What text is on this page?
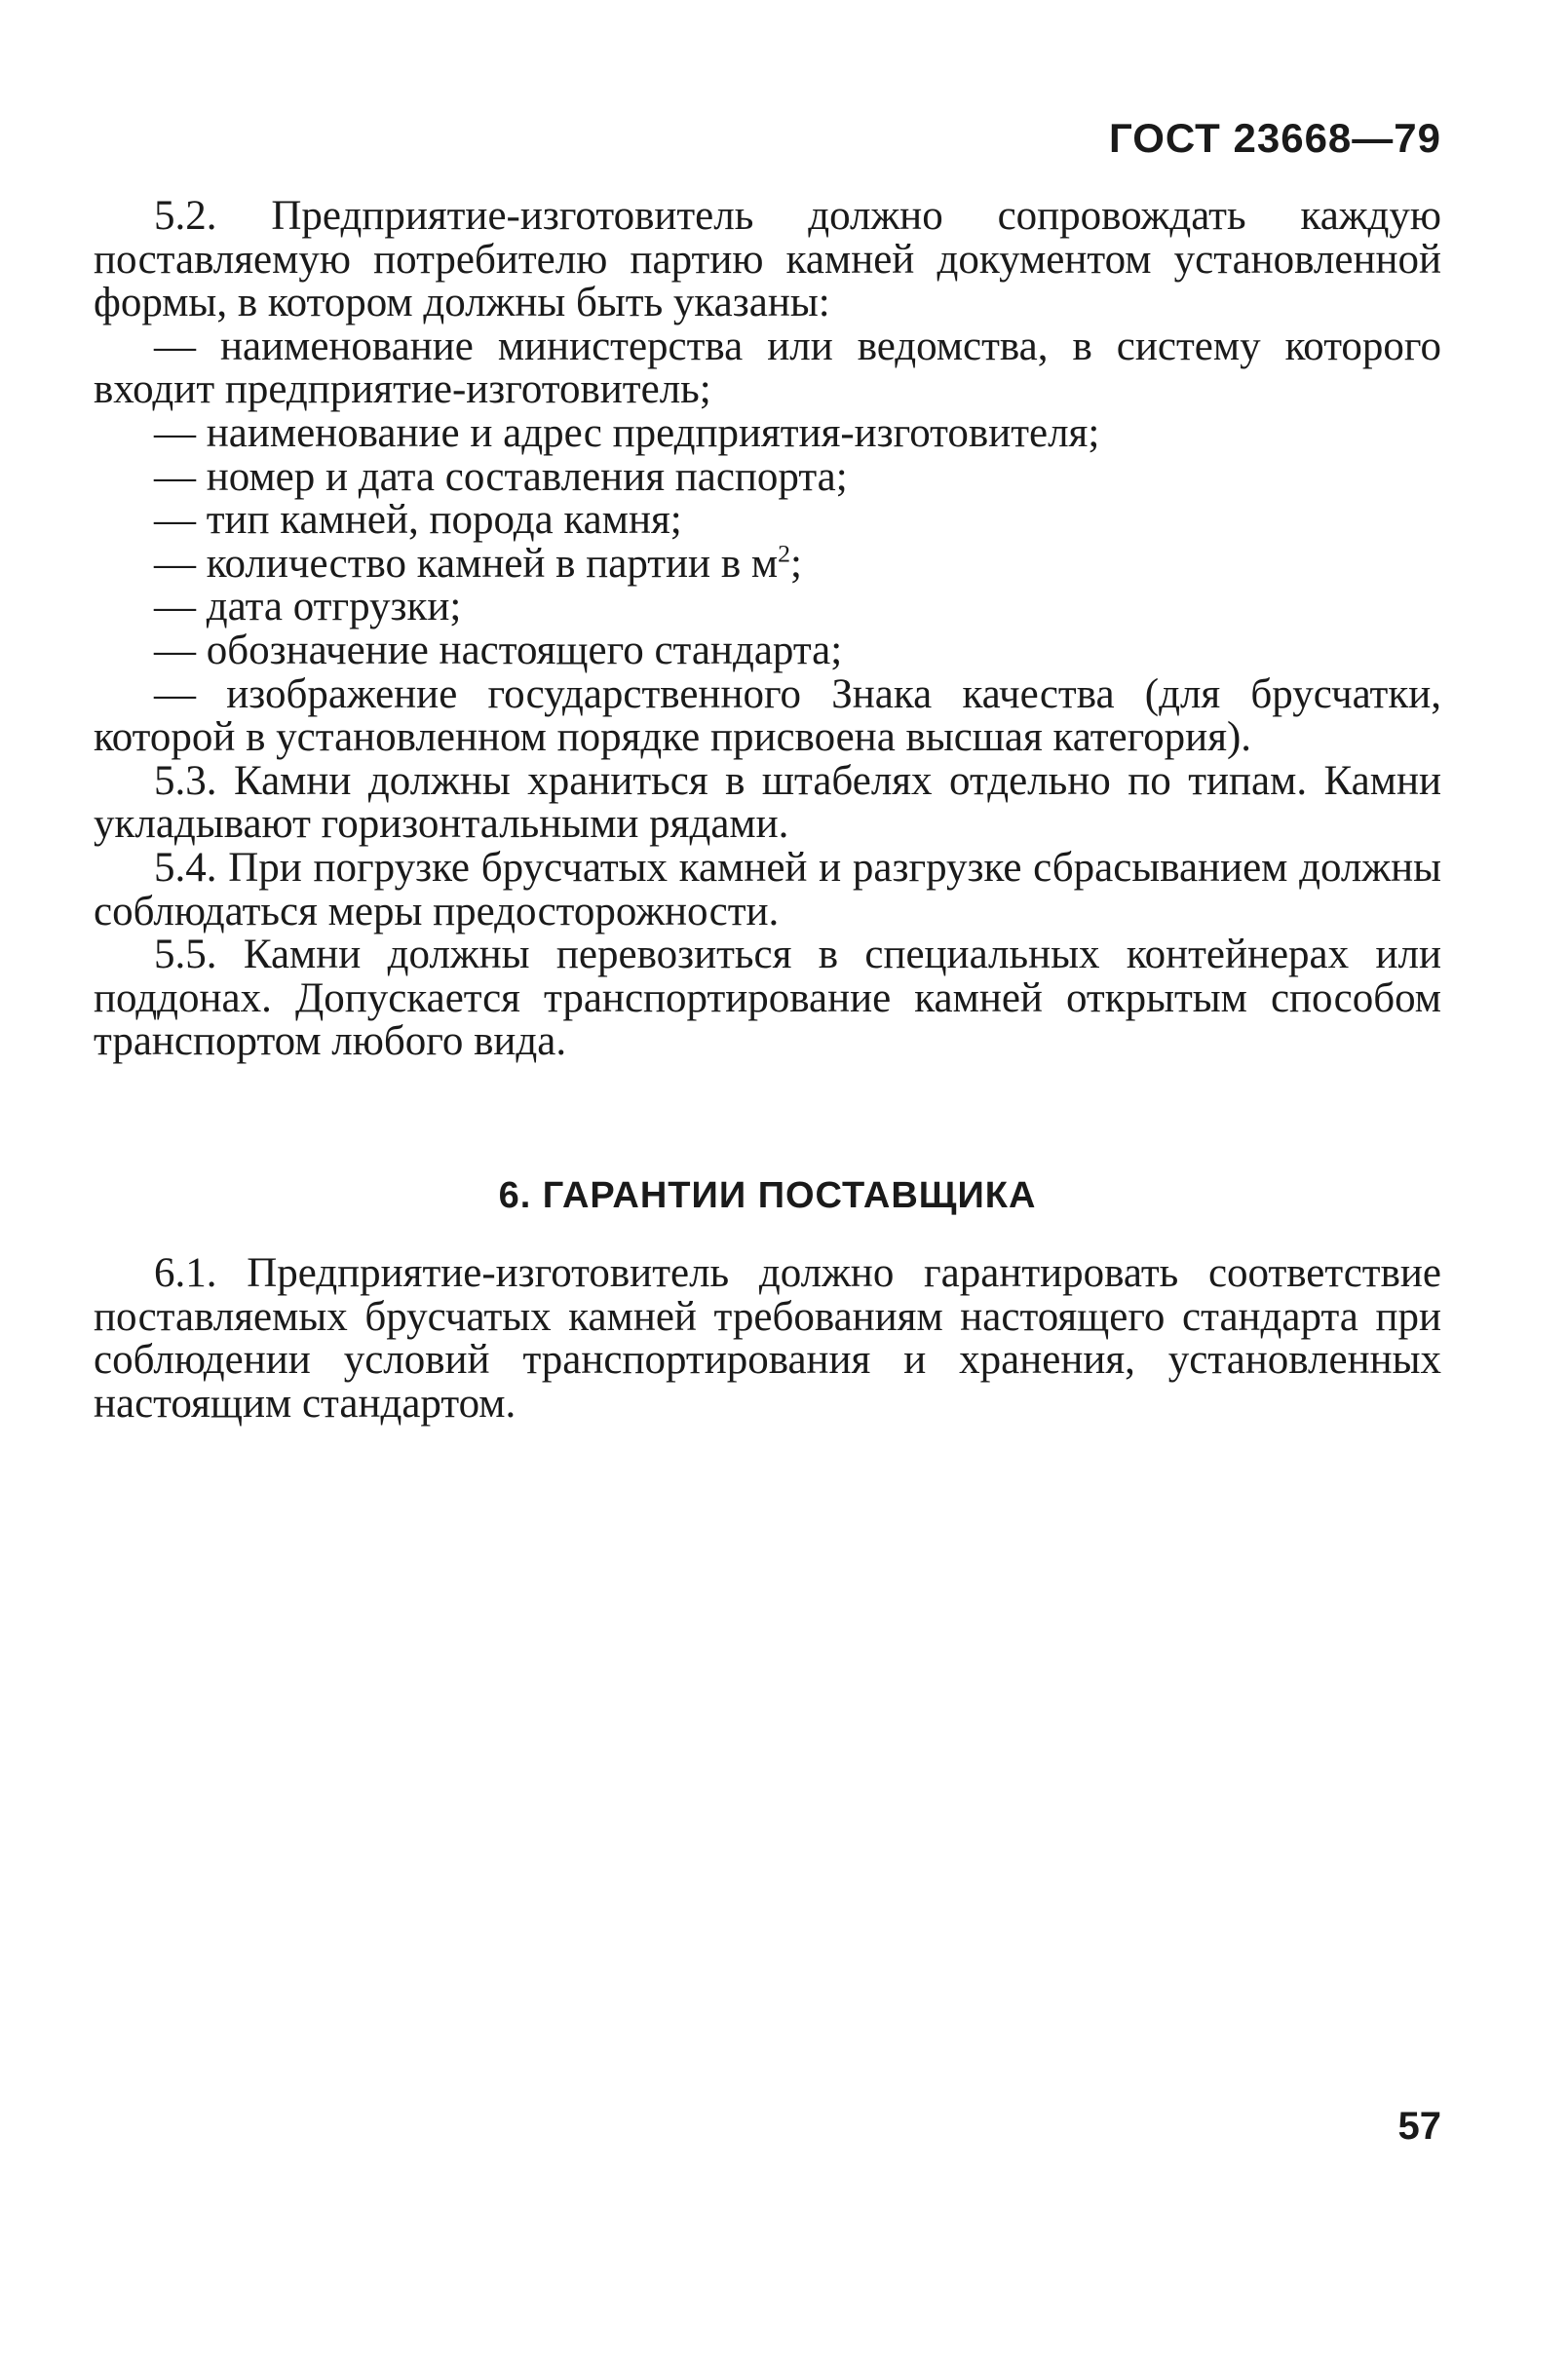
ГОСТ 23668—79

5.2. Предприятие-изготовитель должно сопровождать каждую поставляемую потребителю партию камней документом установленной формы, в котором должны быть указаны:

— наименование министерства или ведомства, в систему которого входит предприятие-изготовитель;

— наименование и адрес предприятия-изготовителя;

— номер и дата составления паспорта;

— тип камней, порода камня;

— количество камней в партии в $м^2$;

— дата отгрузки;

— обозначение настоящего стандарта;

— изображение государственного Знака качества (для брусчатки, которой в установленном порядке присвоена высшая категория).

5.3. Камни должны храниться в штабелях отдельно по типам. Камни укладывают горизонтальными рядами.

5.4. При погрузке брусчатых камней и разгрузке сбрасыванием должны соблюдаться меры предосторожности.

5.5. Камни должны перевозиться в специальных контейнерах или поддонах. Допускается транспортирование камней открытым способом транспортом любого вида.

6. ГАРАНТИИ ПОСТАВЩИКА

6.1. Предприятие-изготовитель должно гарантировать соответствие поставляемых брусчатых камней требованиям настоящего стандарта при соблюдении условий транспортирования и хранения, установленных настоящим стандартом.

57
